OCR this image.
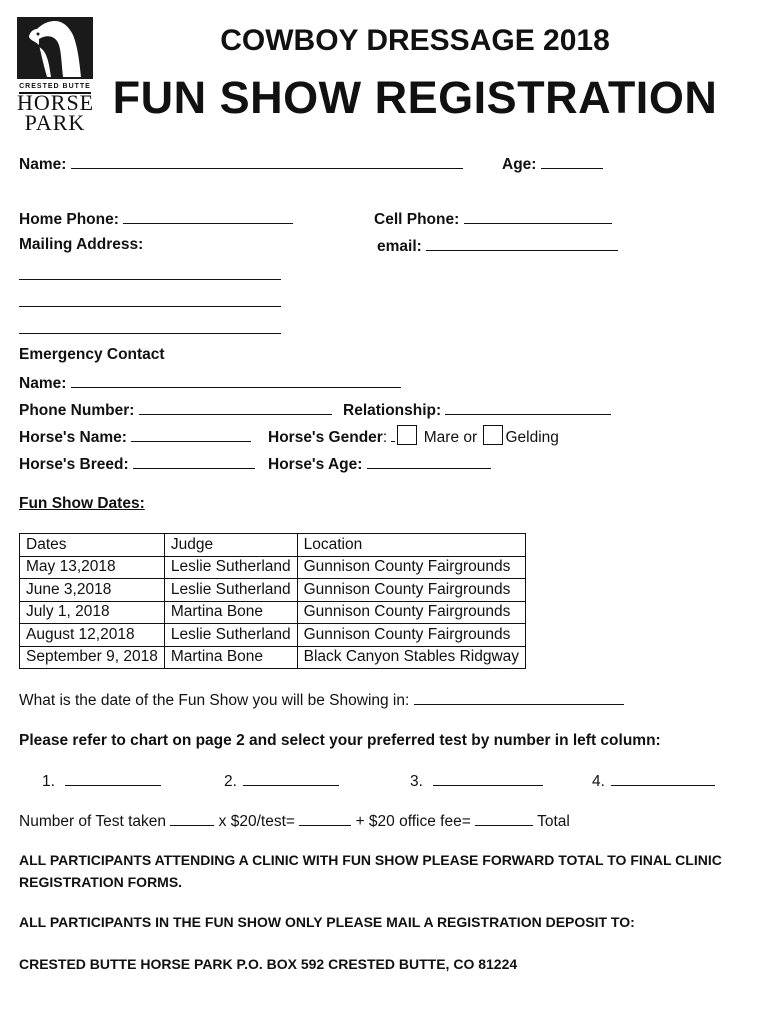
CRESTED BUTTE
HORSE
PARK
COWBOY DRESSAGE 2018
FUN SHOW REGISTRATION
Name:	Age:
Home Phone:	Cell Phone:
Mailing Address:	email:
Emergency Contact
Name:
Phone Number:	Relationship:
Horse's Name:	Horse's Gender:  Mare or Gelding
Horse's Breed:	Horse's Age:
Fun Show Dates:
Dates	Judge	Location
May 13,2018	Leslie Sutherland	Gunnison County Fairgrounds
June 3,2018	Leslie Sutherland	Gunnison County Fairgrounds
July 1, 2018	Martina Bone	Gunnison County Fairgrounds
August 12,2018	Leslie Sutherland	Gunnison County Fairgrounds
September 9, 2018	Martina Bone	Black Canyon Stables Ridgway
What is the date of the Fun Show you will be Showing in:
Please refer to chart on page 2 and select your preferred test by number in left column:
1.	2.	3.	4.
Number of Test taken	x $20/test=	+ $20 office fee=	Total
ALL PARTICIPANTS ATTENDING A CLINIC WITH FUN SHOW PLEASE FORWARD TOTAL TO FINAL CLINIC REGISTRATION FORMS.
ALL PARTICIPANTS IN THE FUN SHOW ONLY PLEASE MAIL A REGISTRATION DEPOSIT TO:
CRESTED BUTTE HORSE PARK P.O. BOX 592 CRESTED BUTTE, CO 81224
